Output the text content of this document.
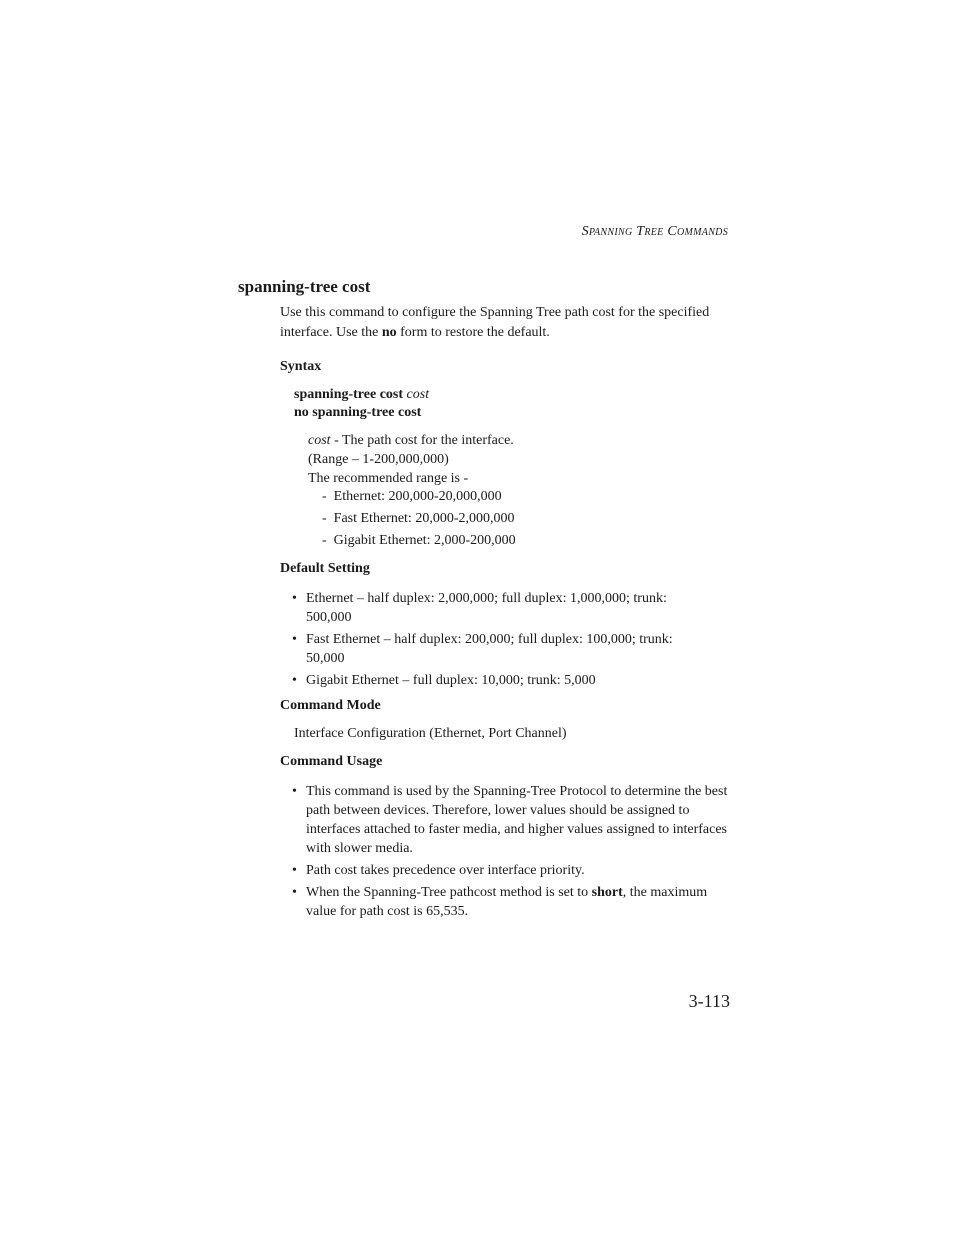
Spanning Tree Commands
spanning-tree cost
Use this command to configure the Spanning Tree path cost for the specified interface. Use the no form to restore the default.
Syntax
spanning-tree cost cost
no spanning-tree cost
cost - The path cost for the interface.
(Range – 1-200,000,000)
The recommended range is -
-  Ethernet: 200,000-20,000,000
-  Fast Ethernet: 20,000-2,000,000
-  Gigabit Ethernet: 2,000-200,000
Default Setting
• Ethernet – half duplex: 2,000,000; full duplex: 1,000,000; trunk: 500,000
• Fast Ethernet – half duplex: 200,000; full duplex: 100,000; trunk: 50,000
• Gigabit Ethernet – full duplex: 10,000; trunk: 5,000
Command Mode
Interface Configuration (Ethernet, Port Channel)
Command Usage
• This command is used by the Spanning-Tree Protocol to determine the best path between devices. Therefore, lower values should be assigned to interfaces attached to faster media, and higher values assigned to interfaces with slower media.
• Path cost takes precedence over interface priority.
• When the Spanning-Tree pathcost method is set to short, the maximum value for path cost is 65,535.
3-113
